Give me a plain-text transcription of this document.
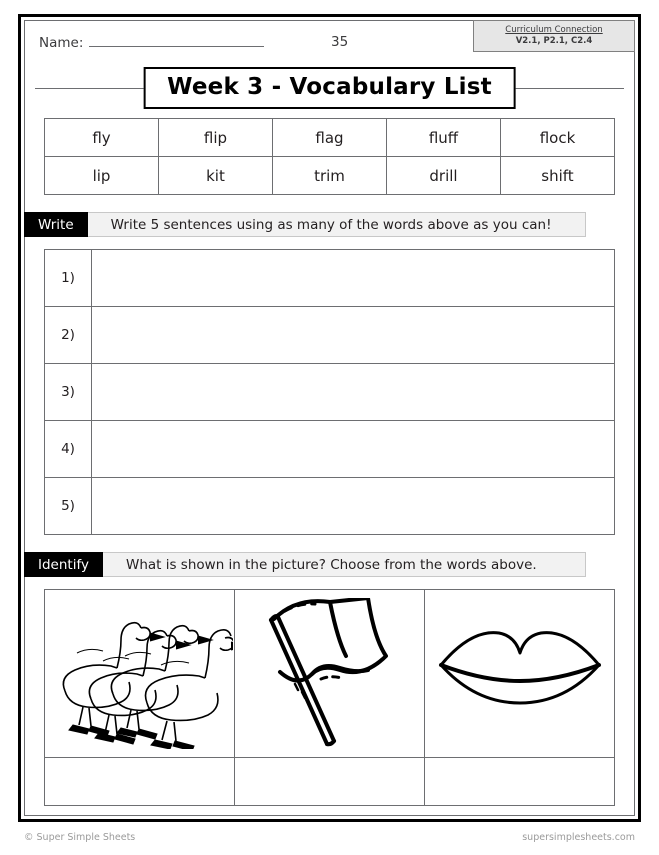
Name:	35
Curriculum Connection
V2.1, P2.1, C2.4
Week 3 - Vocabulary List
fly	flip	flag	fluff	flock
lip	kit	trim	drill	shift
Write	Write 5 sentences using as many of the words above as you can!
1)	
2)	
3)	
4)	
5)	
Identify	What is shown in the picture? Choose from the words above.

© Super Simple Sheets	supersimplesheets.com
